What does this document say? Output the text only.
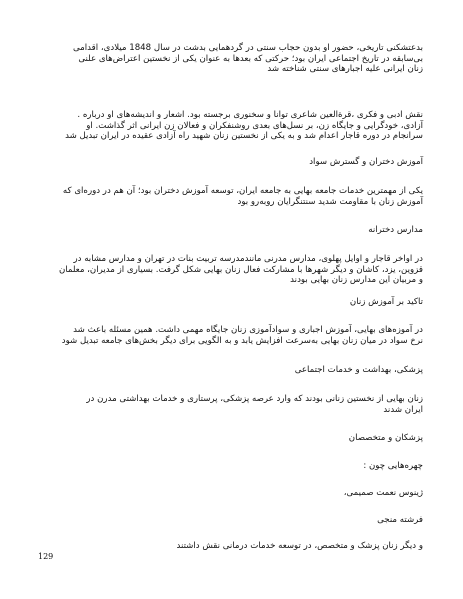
بدعتشکنی تاریخی، حضور او بدون حجاب سنتی در گردهمایی بدشت در سال 1848 میلادی، اقدامی
بی‌سابقه در تاریخ اجتماعی ایران بود؛ حرکتی که بعدها به عنوان یکی از نخستین اعتراض‌های علنی
زنان ایرانی علیه اجبارهای سنتی شناخته شد
نقش ادبی و فکری ،قرةالعین شاعری توانا و سخنوری برجسته بود. اشعار و اندیشه‌های او درباره .
آزادی، خودگرایی و جایگاه زن، بر نسل‌های بعدی روشنفکران و فعالان زن ایرانی اثر گذاشت. او
سرانجام در دوره قاجار اعدام شد و به یکی از نخستین زنان شهید راه آزادی عقیده در ایران تبدیل شد
آموزش دختران و گسترش سواد
یکی از مهمترین خدمات جامعه بهایی به جامعه ایران، توسعه آموزش دختران بود؛ آن هم در دوره‌ای که
آموزش زنان با مقاومت شدید سنتنگرایان روبه‌رو بود
مدارس دخترانه
در اواخر قاجار و اوایل پهلوی، مدارس مدرنی مانندمدرسه تربیت بنات در تهران و مدارس مشابه در
قزوین، یزد، کاشان و دیگر شهرها با مشارکت فعال زنان بهایی شکل گرفت. بسیاری از مدیران، معلمان
و مربیان این مدارس زنان بهایی بودند
تاکید بر آموزش زنان
در آموزه‌های بهایی، آموزش اجباری و سوادآموزی زنان جایگاه مهمی داشت. همین مسئله باعث شد
نرخ سواد در میان زنان بهایی به‌سرعت افزایش یابد و به الگویی برای دیگر بخش‌های جامعه تبدیل شود
پزشکی، بهداشت و خدمات اجتماعی
زنان بهایی از نخستین زنانی بودند که وارد عرصه پزشکی، پرستاری و خدمات بهداشتی مدرن در
ایران شدند
پزشکان و متخصصان
چهره‌هایی چون :
ژینوس نعمت صمیمی،
فرشته منجی
و دیگر زنان پزشک و متخصص، در توسعه خدمات درمانی نقش داشتند
129
